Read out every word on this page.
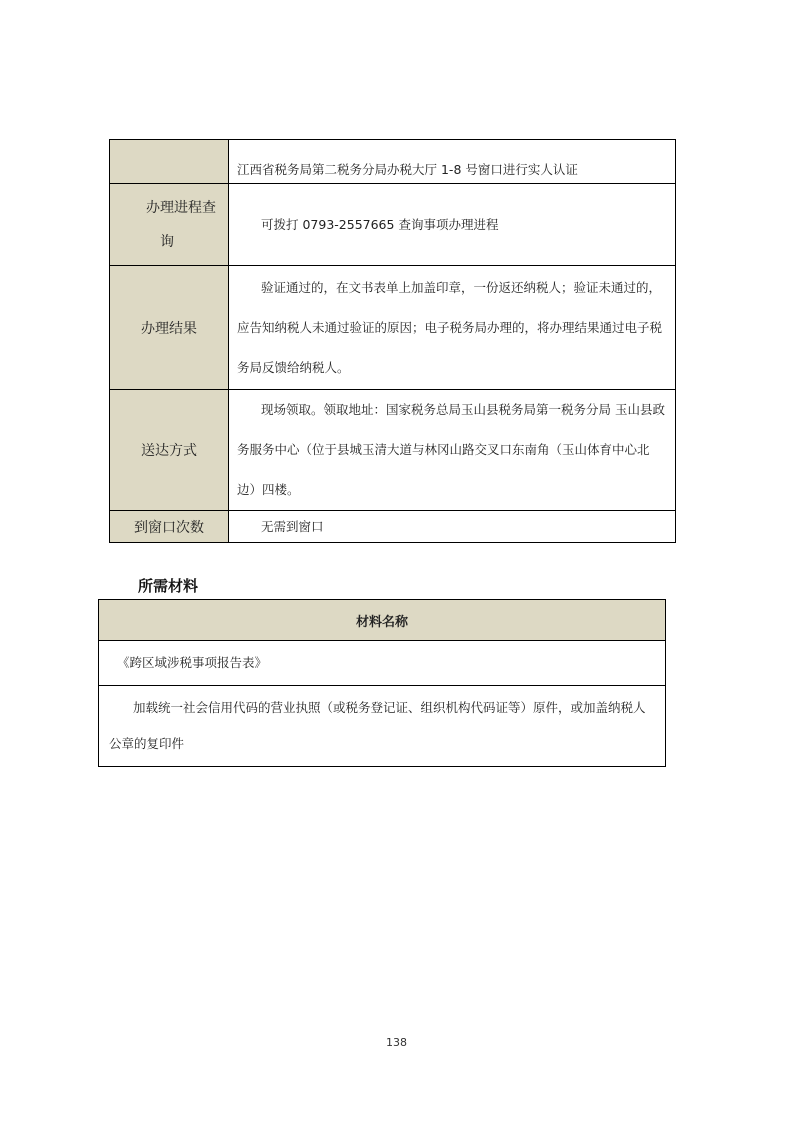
	江西省税务局第二税务分局办税大厅 1-8 号窗口进行实人认证

办理进程查
询	可拨打 0793-2557665 查询事项办理进程
办理结果	验证通过的，在文书表单上加盖印章，一份返还纳税人；验证未通过的，应告知纳税人未通过验证的原因；电子税务局办理的，将办理结果通过电子税务局反馈给纳税人。
送达方式	现场领取。领取地址：国家税务总局玉山县税务局第一税务分局 玉山县政务服务中心（位于县城玉清大道与林冈山路交叉口东南角（玉山体育中心北边）四楼。
到窗口次数	无需到窗口
所需材料
材料名称
《跨区域涉税事项报告表》
加载统一社会信用代码的营业执照（或税务登记证、组织机构代码证等）原件，或加盖纳税人公章的复印件
138
